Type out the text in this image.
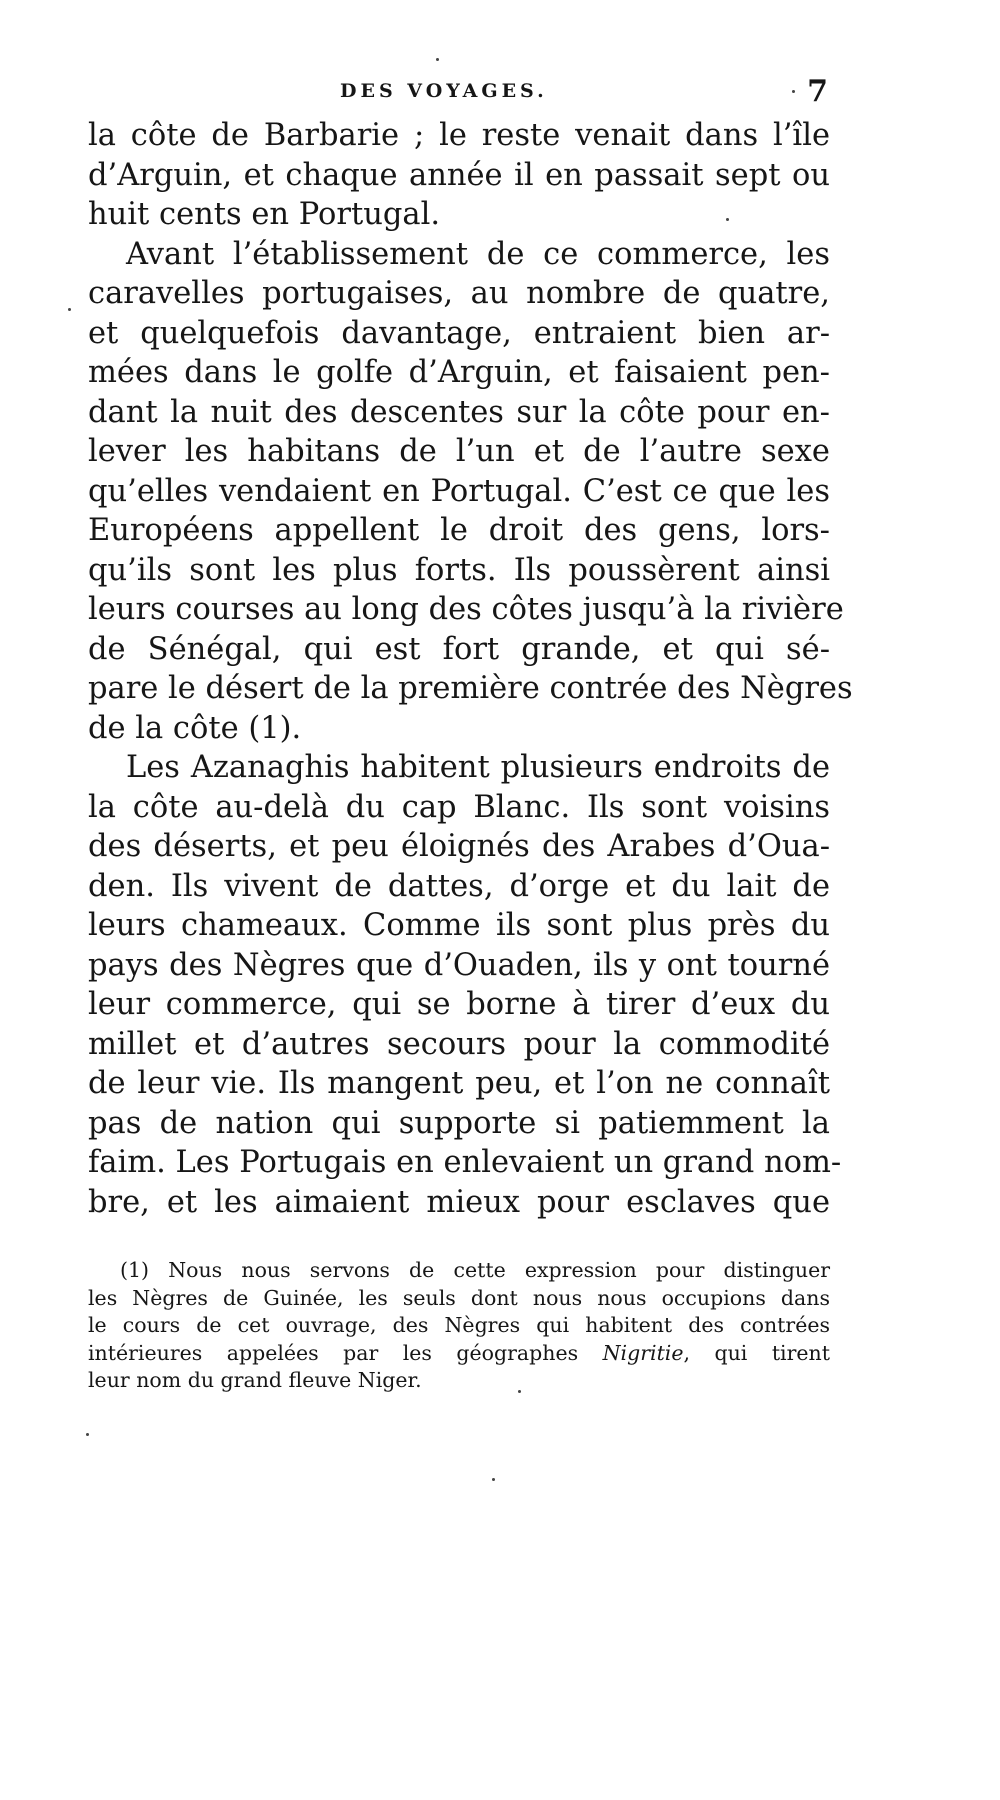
DES VOYAGES.	7
la côte de Barbarie ; le reste venait dans l’île
d’Arguin, et chaque année il en passait sept ou
huit cents en Portugal.
Avant l’établissement de ce commerce, les
caravelles portugaises, au nombre de quatre,
et quelquefois davantage, entraient bien ar-
mées dans le golfe d’Arguin, et faisaient pen-
dant la nuit des descentes sur la côte pour en-
lever les habitans de l’un et de l’autre sexe
qu’elles vendaient en Portugal. C’est ce que les
Européens appellent le droit des gens, lors-
qu’ils sont les plus forts. Ils poussèrent ainsi
leurs courses au long des côtes jusqu’à la rivière
de Sénégal, qui est fort grande, et qui sé-
pare le désert de la première contrée des Nègres
de la côte (1).
Les Azanaghis habitent plusieurs endroits de
la côte au-delà du cap Blanc. Ils sont voisins
des déserts, et peu éloignés des Arabes d’Oua-
den. Ils vivent de dattes, d’orge et du lait de
leurs chameaux. Comme ils sont plus près du
pays des Nègres que d’Ouaden, ils y ont tourné
leur commerce, qui se borne à tirer d’eux du
millet et d’autres secours pour la commodité
de leur vie. Ils mangent peu, et l’on ne connaît
pas de nation qui supporte si patiemment la
faim. Les Portugais en enlevaient un grand nom-
bre, et les aimaient mieux pour esclaves que
(1) Nous nous servons de cette expression pour distinguer
les Nègres de Guinée, les seuls dont nous nous occupions dans
le cours de cet ouvrage, des Nègres qui habitent des contrées
intérieures appelées par les géographes Nigritie, qui tirent
leur nom du grand fleuve Niger.
